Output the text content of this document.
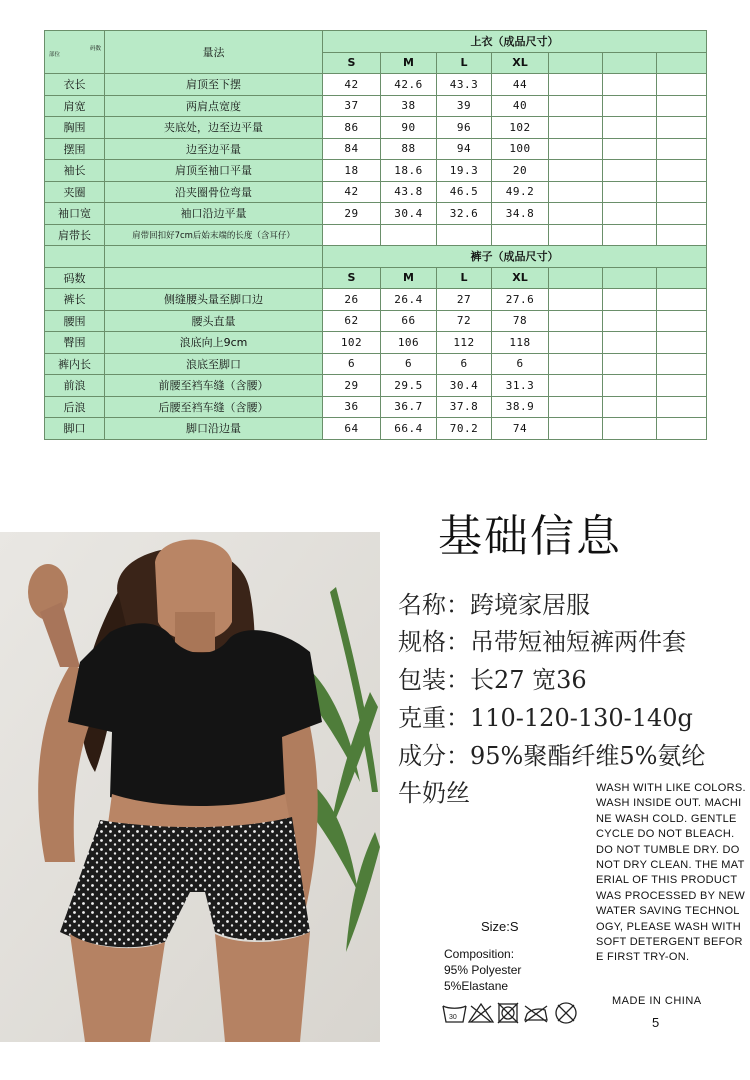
码数
部位	量法	上衣（成品尺寸）						
		S	M	L	XL			
衣长	肩顶至下摆	42	42.6	43.3	44			
肩宽	两肩点宽度	37	38	39	40			
胸围	夹底处，边至边平量	86	90	96	102			
摆围	边至边平量	84	88	94	100			
袖长	肩顶至袖口平量	18	18.6	19.3	20			
夹圈	沿夹圈骨位弯量	42	43.8	46.5	49.2			
袖口宽	袖口沿边平量	29	30.4	32.6	34.8			
肩带长	肩带回扣好7cm后始末端的长度（含耳仔）							
		裤子（成品尺寸）						
码数		S	M	L	XL			
裤长	侧缝腰头量至脚口边	26	26.4	27	27.6			
腰围	腰头直量	62	66	72	78			
臀围	浪底向上9cm	102	106	112	118			
裤内长	浪底至脚口	6	6	6	6			
前浪	前腰至裆车缝（含腰）	29	29.5	30.4	31.3			
后浪	后腰至裆车缝（含腰）	36	36.7	37.8	38.9			
脚口	脚口沿边量	64	66.4	70.2	74			
基础信息
名称：跨境家居服
规格：吊带短袖短裤两件套
包装：长27 宽36
克重：110-120-130-140g
成分：95%聚酯纤维5%氨纶
牛奶丝	WASH WITH LIKE COLORS. WASH INSIDE OUT. MACHINE WASH COLD. GENTLE CYCLE DO NOT BLEACH. DO NOT TUMBLE DRY. DO NOT DRY CLEAN. THE MATERIAL OF THIS PRODUCT WAS PROCESSED BY NEW WATER SAVING TECHNOLOGY, PLEASE WASH WITH SOFT DETERGENT BEFORE FIRST TRY-ON.
Size:S
Composition:
95% Polyester
5%Elastane
30
MADE IN CHINA
5
